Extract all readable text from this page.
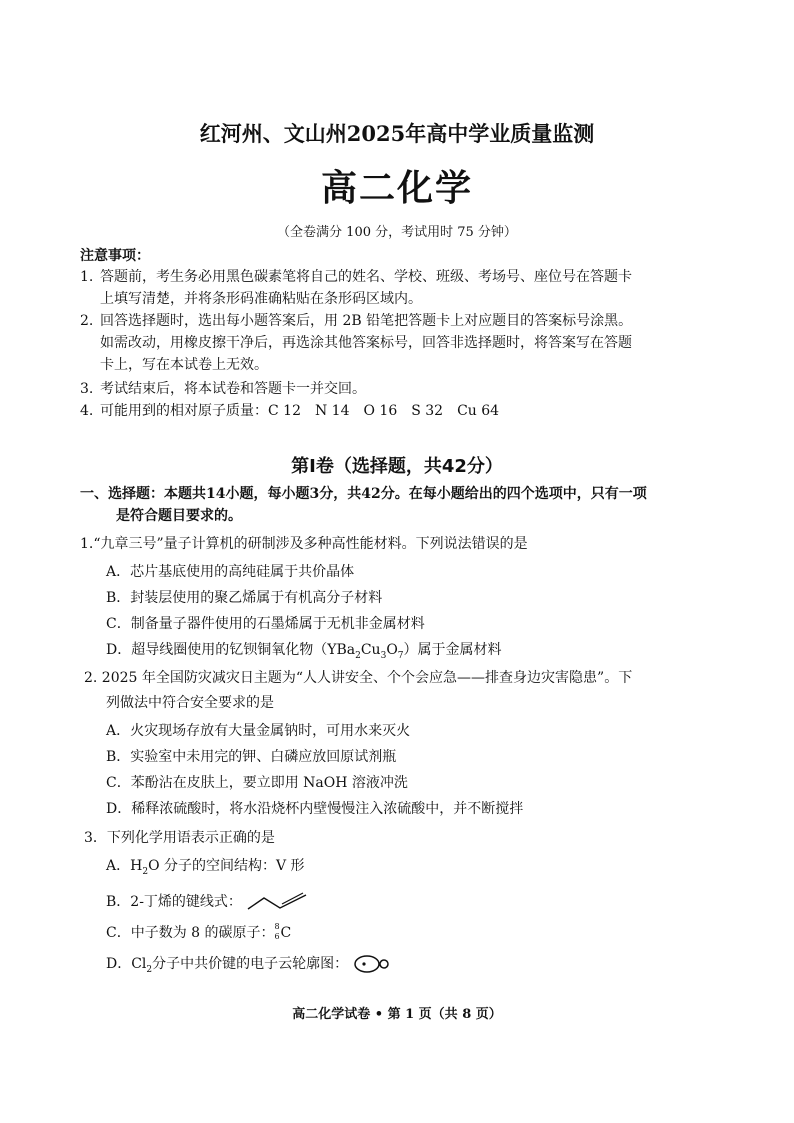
红河州、文山州2025年高中学业质量监测
高二化学
（全卷满分 100 分，考试用时 75 分钟）
注意事项：
1. 答题前，考生务必用黑色碳素笔将自己的姓名、学校、班级、考场号、座位号在答题卡
上填写清楚，并将条形码准确粘贴在条形码区域内。
2. 回答选择题时，选出每小题答案后，用 2B 铅笔把答题卡上对应题目的答案标号涂黑。
如需改动，用橡皮擦干净后，再选涂其他答案标号，回答非选择题时，将答案写在答题
卡上，写在本试卷上无效。
3. 考试结束后，将本试卷和答题卡一并交回。
4. 可能用到的相对原子质量：C 12　N 14　O 16　S 32　Cu 64
第Ⅰ卷（选择题，共42分）
一、选择题：本题共14小题，每小题3分，共42分。在每小题给出的四个选项中，只有一项
是符合题目要求的。
1.“九章三号”量子计算机的研制涉及多种高性能材料。下列说法错误的是
A．芯片基底使用的高纯硅属于共价晶体
B．封装层使用的聚乙烯属于有机高分子材料
C．制备量子器件使用的石墨烯属于无机非金属材料
D．超导线圈使用的钇钡铜氧化物$(YBa_2Cu_3O_7)$属于金属材料
2. 2025 年全国防灾减灾日主题为“人人讲安全、个个会应急——排查身边灾害隐患”。下
列做法中符合安全要求的是
A．火灾现场存放有大量金属钠时，可用水来灭火
B．实验室中未用完的钾、白磷应放回原试剂瓶
C．苯酚沾在皮肤上，要立即用 NaOH 溶液冲洗
D．稀释浓硫酸时，将水沿烧杯内壁慢慢注入浓硫酸中，并不断搅拌
3．下列化学用语表示正确的是
A．$H_2O$ 分子的空间结构：V 形
B．2-丁烯的键线式：
C．中子数为 8 的碳原子： 8
6 C
D．$Cl_2$分子中共价键的电子云轮廓图：
高二化学试卷 • 第 1 页（共 8 页）
